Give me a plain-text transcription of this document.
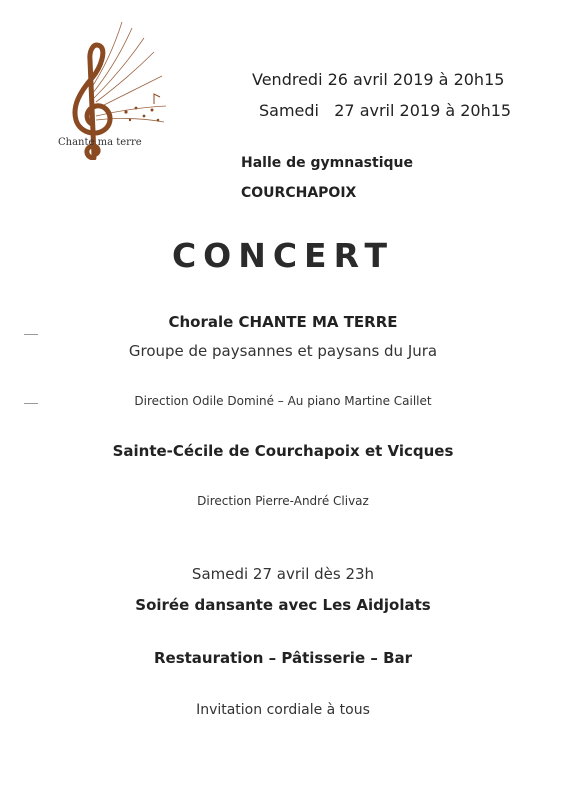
Chante ma terre
Vendredi 26 avril 2019 à 20h15
Samedi   27 avril 2019 à 20h15
Halle de gymnastique
COURCHAPOIX
CONCERT
Chorale CHANTE MA TERRE
Groupe de paysannes et paysans du Jura
Direction Odile Dominé – Au piano Martine Caillet
Sainte-Cécile de Courchapoix et Vicques
Direction Pierre-André Clivaz
Samedi 27 avril dès 23h
Soirée dansante avec Les Aidjolats
Restauration – Pâtisserie – Bar
Invitation cordiale à tous
